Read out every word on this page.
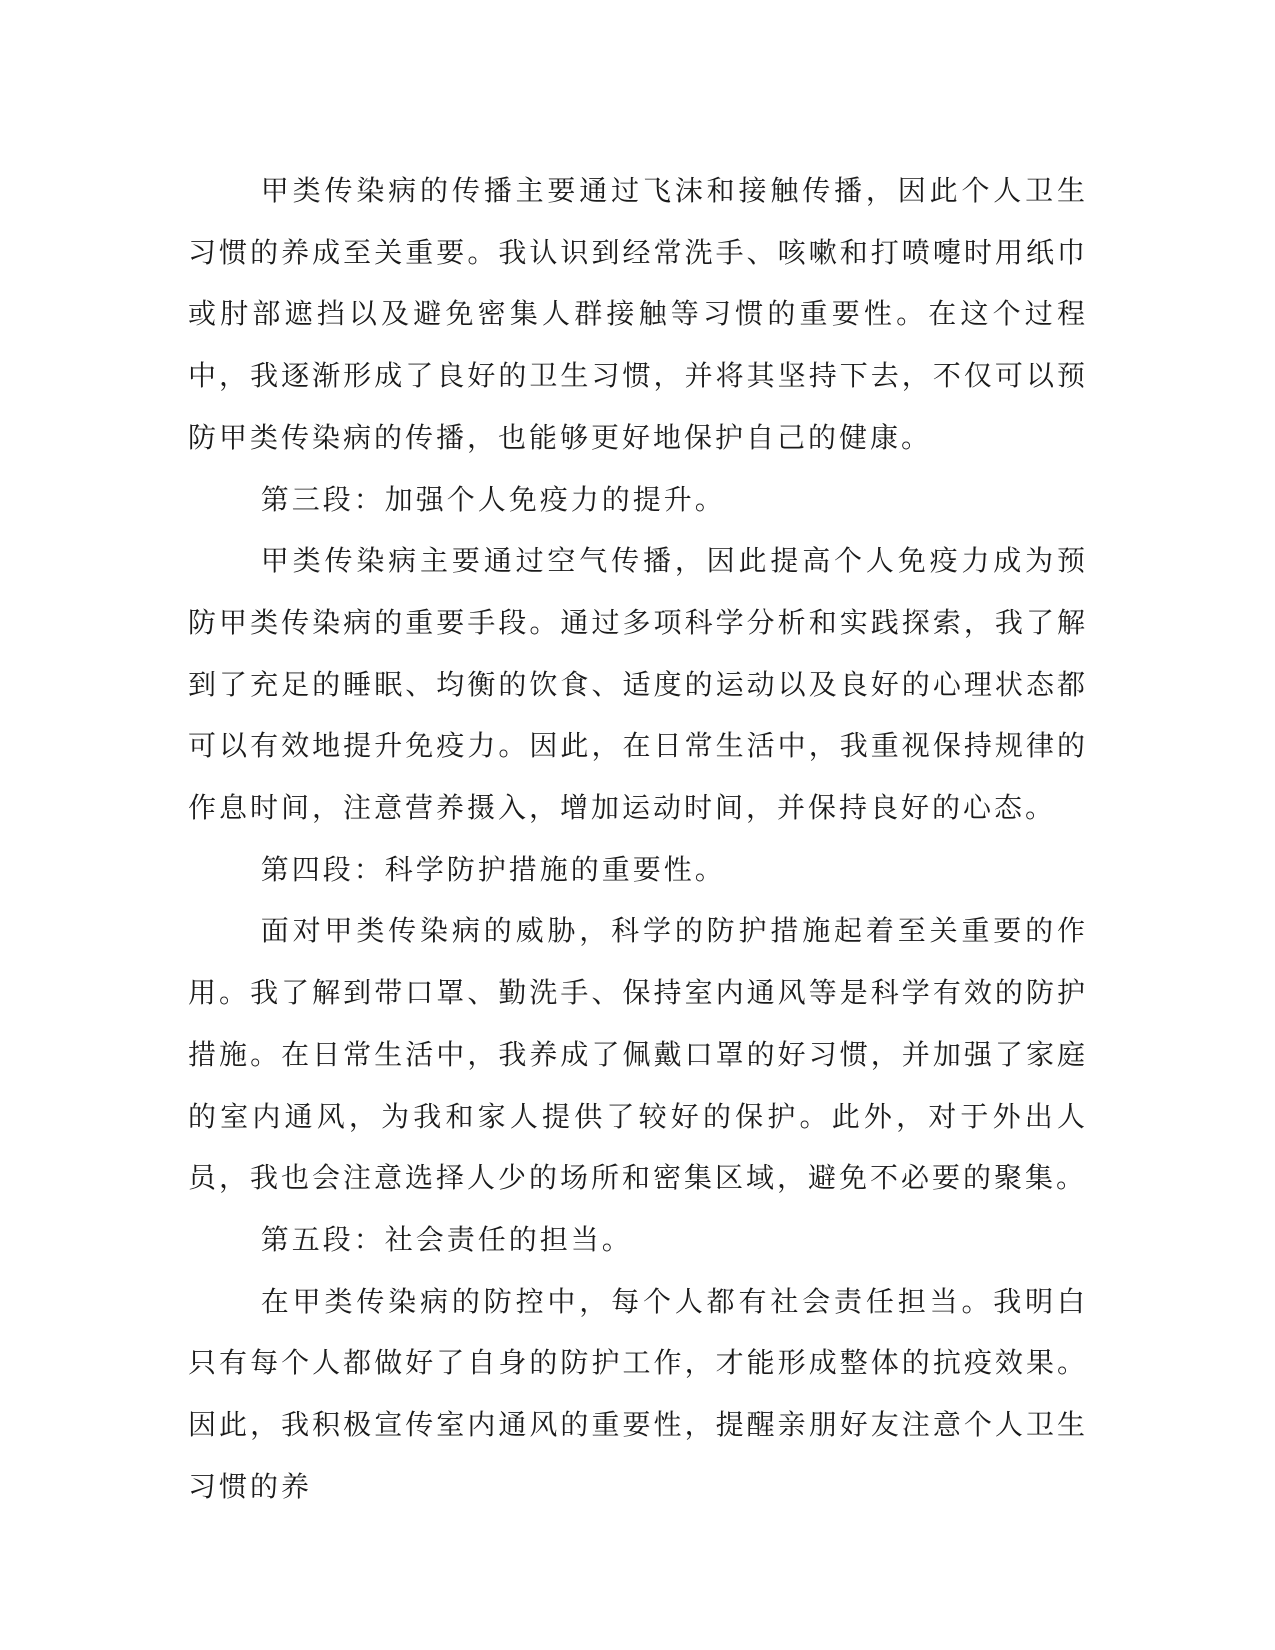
甲类传染病的传播主要通过飞沫和接触传播，因此个人卫生习惯的养成至关重要。我认识到经常洗手、咳嗽和打喷嚏时用纸巾或肘部遮挡以及避免密集人群接触等习惯的重要性。在这个过程中，我逐渐形成了良好的卫生习惯，并将其坚持下去，不仅可以预防甲类传染病的传播，也能够更好地保护自己的健康。

第三段：加强个人免疫力的提升。

甲类传染病主要通过空气传播，因此提高个人免疫力成为预防甲类传染病的重要手段。通过多项科学分析和实践探索，我了解到了充足的睡眠、均衡的饮食、适度的运动以及良好的心理状态都可以有效地提升免疫力。因此，在日常生活中，我重视保持规律的作息时间，注意营养摄入，增加运动时间，并保持良好的心态。

第四段：科学防护措施的重要性。

面对甲类传染病的威胁，科学的防护措施起着至关重要的作用。我了解到带口罩、勤洗手、保持室内通风等是科学有效的防护措施。在日常生活中，我养成了佩戴口罩的好习惯，并加强了家庭的室内通风，为我和家人提供了较好的保护。此外，对于外出人员，我也会注意选择人少的场所和密集区域，避免不必要的聚集。

第五段：社会责任的担当。

在甲类传染病的防控中，每个人都有社会责任担当。我明白只有每个人都做好了自身的防护工作，才能形成整体的抗疫效果。因此，我积极宣传室内通风的重要性，提醒亲朋好友注意个人卫生习惯的养
